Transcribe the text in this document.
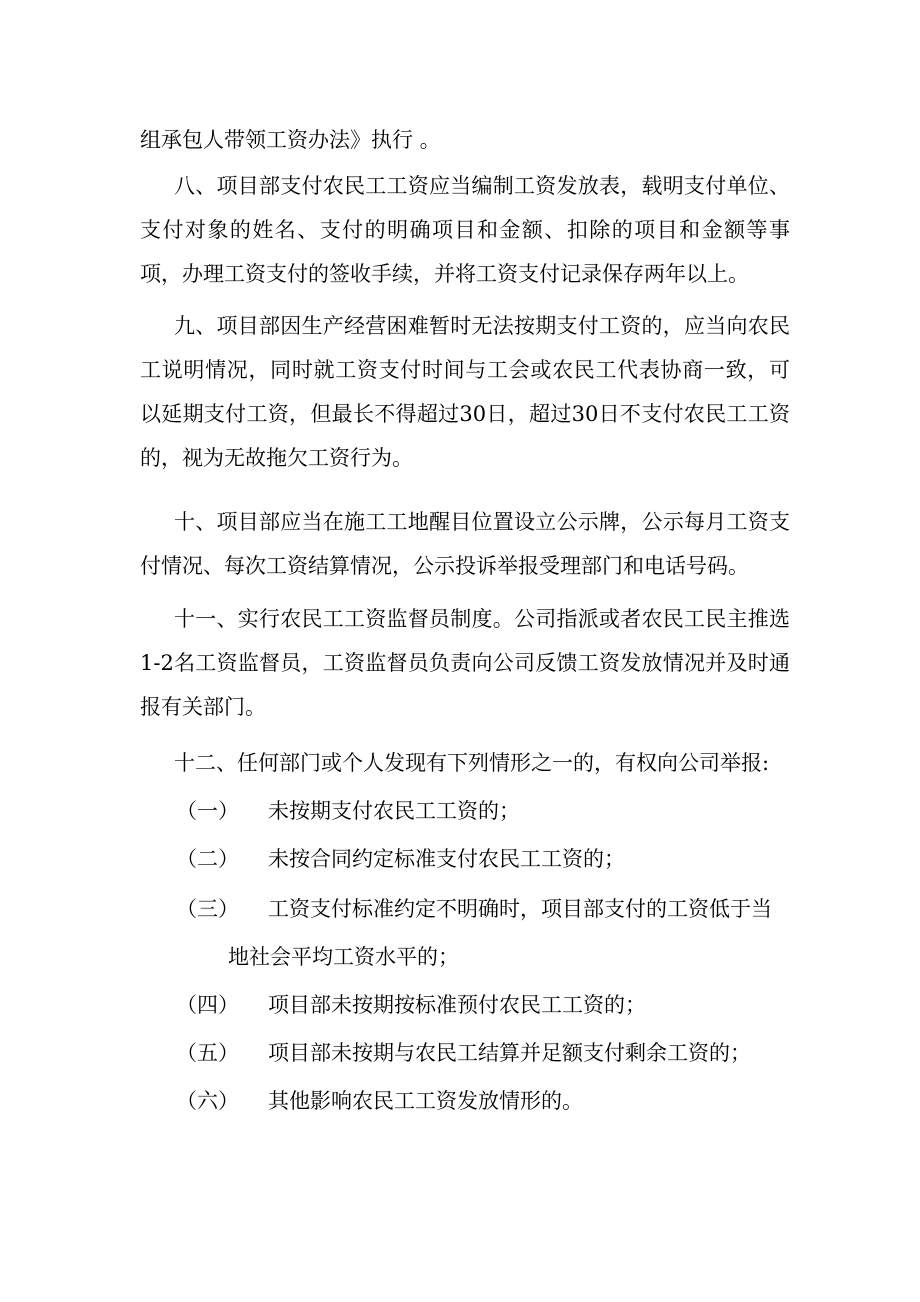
组承包人带领工资办法》执行 。

八、项目部支付农民工工资应当编制工资发放表，载明支付单位、支付对象的姓名、支付的明确项目和金额、扣除的项目和金额等事项，办理工资支付的签收手续，并将工资支付记录保存两年以上。

九、项目部因生产经营困难暂时无法按期支付工资的，应当向农民工说明情况，同时就工资支付时间与工会或农民工代表协商一致，可以延期支付工资，但最长不得超过30日，超过30日不支付农民工工资的，视为无故拖欠工资行为。

十、项目部应当在施工工地醒目位置设立公示牌，公示每月工资支付情况、每次工资结算情况，公示投诉举报受理部门和电话号码。

十一、实行农民工工资监督员制度。公司指派或者农民工民主推选1-2名工资监督员，工资监督员负责向公司反馈工资发放情况并及时通报有关部门。

十二、任何部门或个人发现有下列情形之一的，有权向公司举报:

（一） 未按期支付农民工工资的；

（二） 未按合同约定标准支付农民工工资的；

（三） 工资支付标准约定不明确时，项目部支付的工资低于当

地社会平均工资水平的；

（四） 项目部未按期按标准预付农民工工资的；

（五） 项目部未按期与农民工结算并足额支付剩余工资的；

（六） 其他影响农民工工资发放情形的。
